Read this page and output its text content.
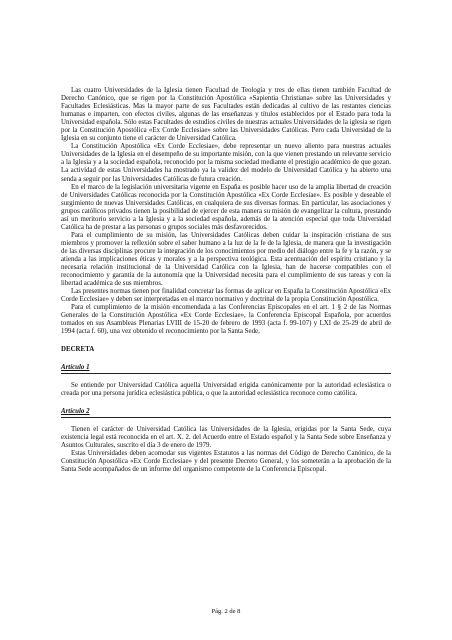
Las cuatro Universidades de la Iglesia tienen Facultad de Teología y tres de ellas tienen también Facultad de Derecho Canónico, que se rigen por la Constitución Apostólica «Sapientia Christiana» sobre las Universidades y Facultades Eclesiásticas. Mas la mayor parte de sus Facultades están dedicadas al cultivo de las restantes ciencias humanas e imparten, con efectos civiles, algunas de las enseñanzas y títulos establecidos por el Estado para toda la Universidad española. Sólo estas Facultades de estudios civiles de nuestras actuales Universidades de la iglesia se rigen por la Constitución Apostólica «Ex Corde Ecclesiae» sobre las Universidades Católicas. Pero cada Universidad de la Iglesia en su conjunto tiene el carácter de Universidad Católica.

La Constitución Apostólica «Ex Corde Ecclesiae», debe representar un nuevo aliento para nuestras actuales Universidades de la Iglesia en el desempeño de su importante misión, con la que vienen prestando un relevante servicio a la Iglesia y a la sociedad española, reconocido por la misma sociedad mediante el prestigio académico de que gozan. La actividad de estas Universidades ha mostrado ya la validez del modelo de Universidad Católica y ha abierto una senda a seguir por las Universidades Católicas de futura creación.

En el marco de la legislación universitaria vigente en España es posible hacer uso de la amplia libertad de creación de Universidades Católicas reconocida por la Constitución Apostólica «Ex Corde Ecclesiae». Es posible y deseable el surgimiento de nuevas Universidades Católicas, en cualquiera de sus diversas formas. En particular, las asociaciones y grupos católicos privados tienen la posibilidad de ejercer de esta manera su misión de evangelizar la cultura, prestando así un meritorio servicio a la Iglesia y a la sociedad española, además de la atención especial que toda Universidad Católica ha de prestar a las personas o grupos sociales más desfavorecidos.

Para el cumplimiento de su misión, las Universidades Católicas deben cuidar la inspiración cristiana de sus miembros y promover la reflexión sobre el saber humano a la luz de la fe de la Iglesia, de manera que la investigación de las diversas disciplinas procure la integración de los conocimientos por medio del diálogo entre la fe y la razón, y se atienda a las implicaciones éticas y morales y a la perspectiva teológica. Esta acentuación del espíritu cristiano y la necesaria relación institucional de la Universidad Católica con la Iglesia, han de hacerse compatibles con el reconocimiento y garantía de la autonomía que la Universidad necesita para el cumplimiento de sus tareas y con la libertad académica de sus miembros.

Las presentes normas tienen por finalidad concretar las formas de aplicar en España la Constitución Apostólica «Ex Corde Ecclesiae» y deben ser interpretadas en el marco normativo y doctrinal de la propia Constitución Apostólica.

Para el cumplimiento de la misión encomendada a las Conferencias Episcopales en el art. 1 § 2 de las Normas Generales de la Constitución Apostólica «Ex Corde Ecclesiae», la Conferencia Episcopal Española, por acuerdos tomados en sus Asambleas Plenarias LVIII de 15-20 de febrero de 1993 (acta f. 99-107) y LXI de 25-29 de abril de 1994 (acta f. 60), una vez obtenido el reconocimiento por la Santa Sede,

DECRETA
Artículo 1

Se entiende por Universidad Católica aquella Universidad erigida canónicamente por la autoridad eclesiástica o creada por una persona jurídica eclesiástica pública, o que la autoridad eclesiástica reconoce como católica.

Artículo 2

Tienen el carácter de Universidad Católica las Universidades de la Iglesia, erigidas por la Santa Sede, cuya existencia legal está reconocida en el art. X. 2. del Acuerdo entre el Estado español y la Santa Sede sobre Enseñanza y Asuntos Culturales, suscrito el día 3 de enero de 1979.

Estas Universidades deben acomodar sus vigentes Estatutos a las normas del Código de Derecho Canónico, de la Constitución Apostólica «Ex Corde Ecclesiae» y del presente Decreto General, y los someterán a la aprobación de la Santa Sede acompañados de un informe del organismo competente de la Conferencia Episcopal.

Pág. 2 de 8
